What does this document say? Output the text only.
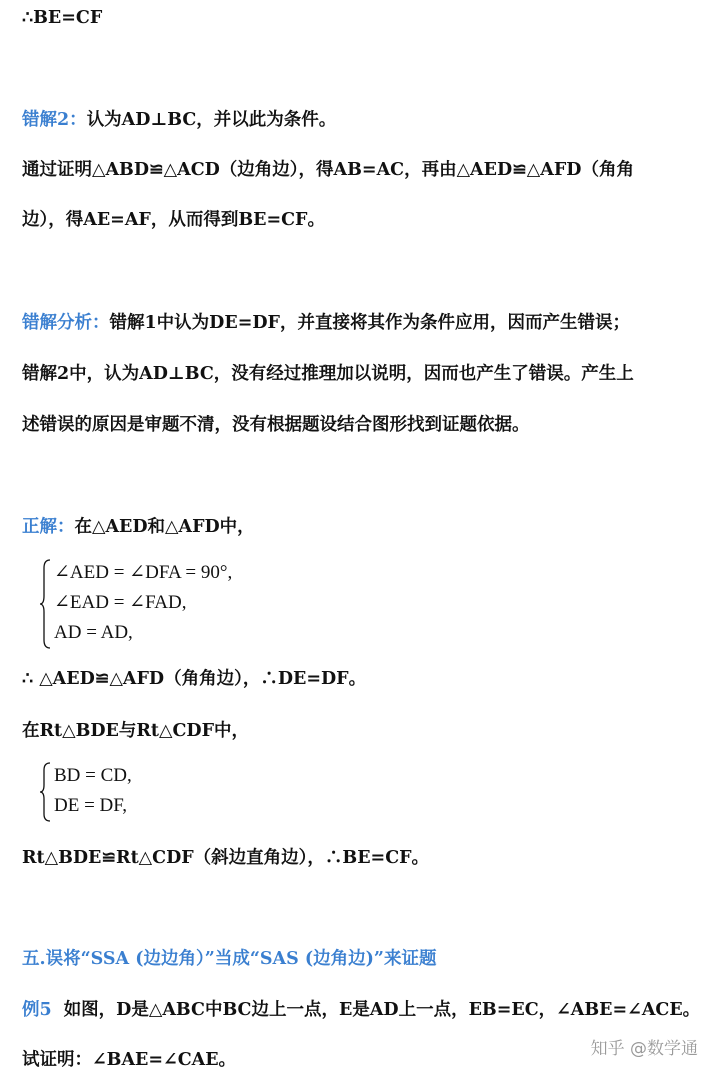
∴BE=CF
错解2：认为AD⊥BC，并以此为条件。
通过证明△ABD≌△ACD（边角边），得AB=AC，再由△AED≌△AFD（角角
边），得AE=AF，从而得到BE=CF。
错解分析：错解1中认为DE=DF，并直接将其作为条件应用，因而产生错误；
错解2中，认为AD⊥BC，没有经过推理加以说明，因而也产生了错误。产生上
述错误的原因是审题不清，没有根据题设结合图形找到证题依据。
正解：在△AED和△AFD中，
∠AED = ∠DFA = 90°,
∠EAD = ∠FAD,
AD = AD,
∴ △AED≌△AFD（角角边），∴DE=DF。
在Rt△BDE与Rt△CDF中，
BD = CD,
DE = DF,
Rt△BDE≌Rt△CDF（斜边直角边），∴BE=CF。
五.误将“SSA (边边角）”当成“SAS (边角边)”来证题
例5 如图，D是△ABC中BC边上一点，E是AD上一点，EB=EC，∠ABE=∠ACE。
试证明：∠BAE=∠CAE。
知乎 @数学通
